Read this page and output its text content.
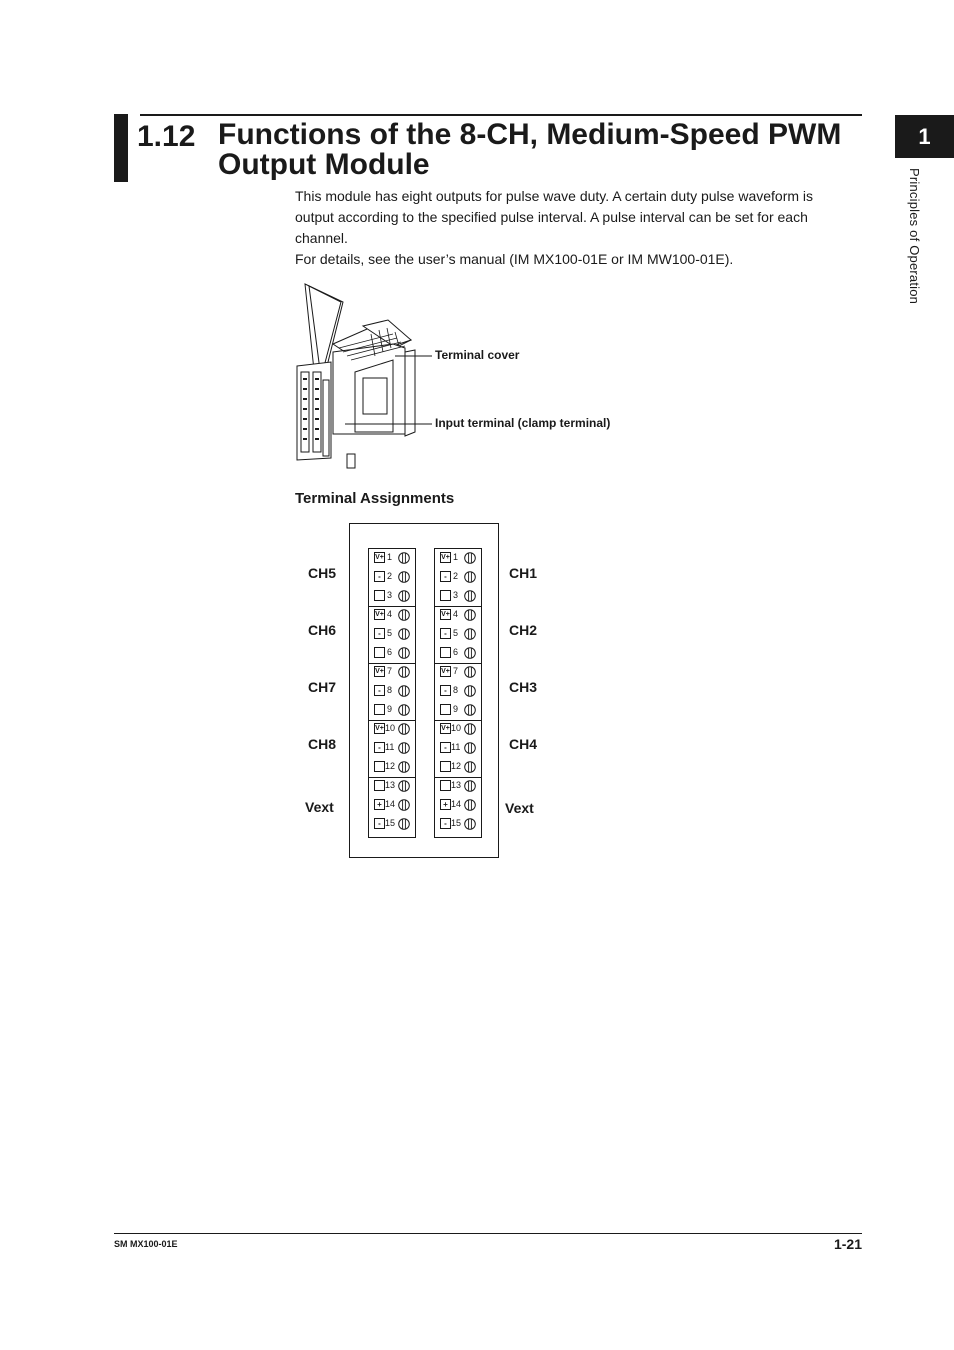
1.12 Functions of the 8-CH, Medium-Speed PWM Output Module
1
Principles of Operation

This module has eight outputs for pulse wave duty. A certain duty pulse waveform is output according to the specified pulse interval. A pulse interval can be set for each channel.

For details, see the user’s manual (IM MX100-01E or IM MW100-01E).

Terminal cover
Input terminal (clamp terminal)
Terminal Assignments
V+ 1
- 2
3
V+ 4
- 5
6
V+ 7
- 8
9
V+ 10
- 11
12
13
+ 14
- 15
V+ 1
- 2
3
V+ 4
- 5
6
V+ 7
- 8
9
V+ 10
- 11
12
13
+ 14
- 15
CH5
CH6
CH7
CH8
Vext
CH1
CH2
CH3
CH4
Vext
SM MX100-01E	1-21
